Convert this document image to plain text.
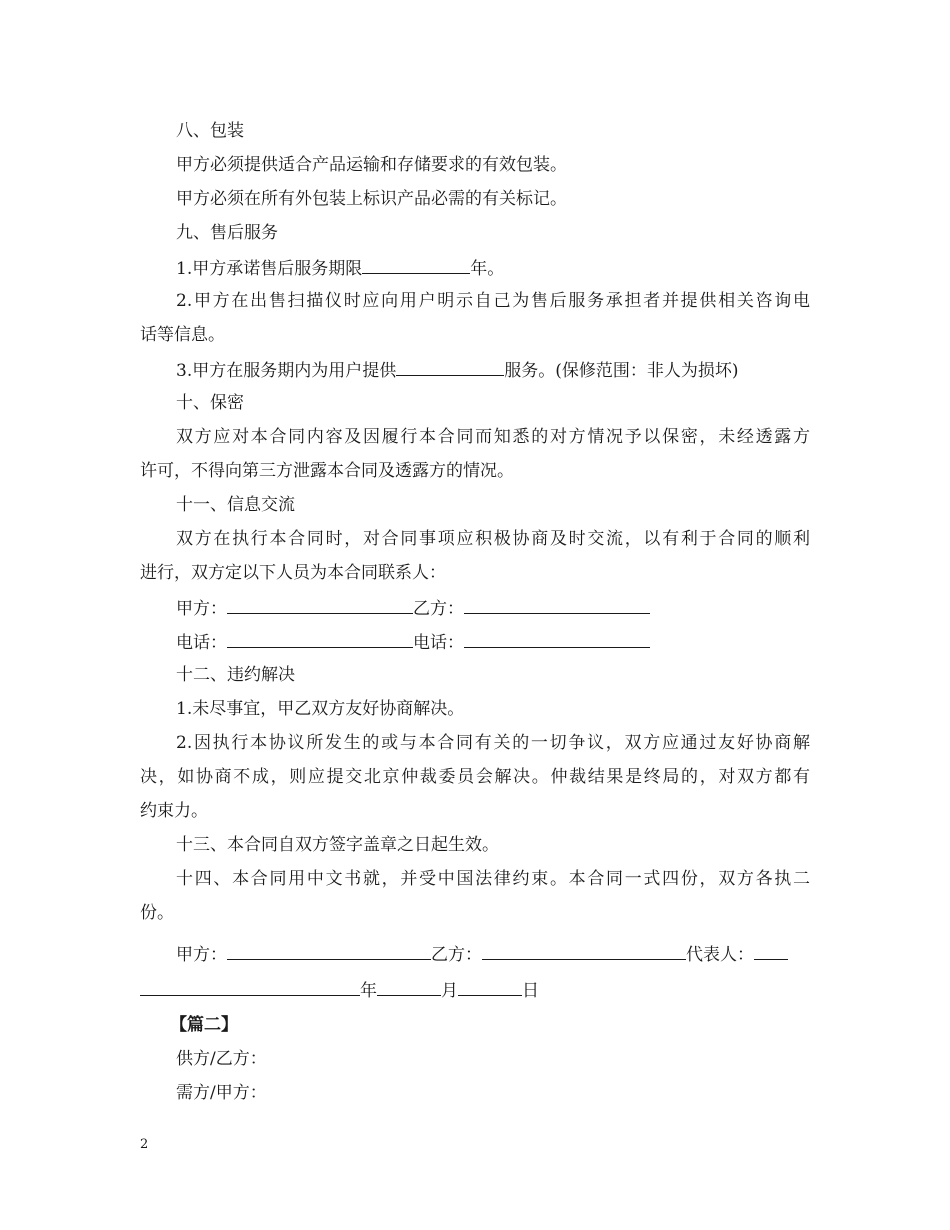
八、包装
甲方必须提供适合产品运输和存储要求的有效包装。
甲方必须在所有外包装上标识产品必需的有关标记。
九、售后服务
1.甲方承诺售后服务期限	年。
2.甲方在出售扫描仪时应向用户明示自己为售后服务承担者并提供相关咨询电
话等信息。
3.甲方在服务期内为用户提供	服务。(保修范围：非人为损坏)
十、保密
双方应对本合同内容及因履行本合同而知悉的对方情况予以保密，未经透露方
许可，不得向第三方泄露本合同及透露方的情况。
十一、信息交流
双方在执行本合同时，对合同事项应积极协商及时交流，以有利于合同的顺利
进行，双方定以下人员为本合同联系人：
甲方：	乙方：
电话：	电话：
十二、违约解决
1.未尽事宜，甲乙双方友好协商解决。
2.因执行本协议所发生的或与本合同有关的一切争议，双方应通过友好协商解
决，如协商不成，则应提交北京仲裁委员会解决。仲裁结果是终局的，对双方都有
约束力。
十三、本合同自双方签字盖章之日起生效。
十四、本合同用中文书就，并受中国法律约束。本合同一式四份，双方各执二
份。
甲方：	乙方：	代表人：
年	月	日
【篇二】
供方/乙方：
需方/甲方：
2
